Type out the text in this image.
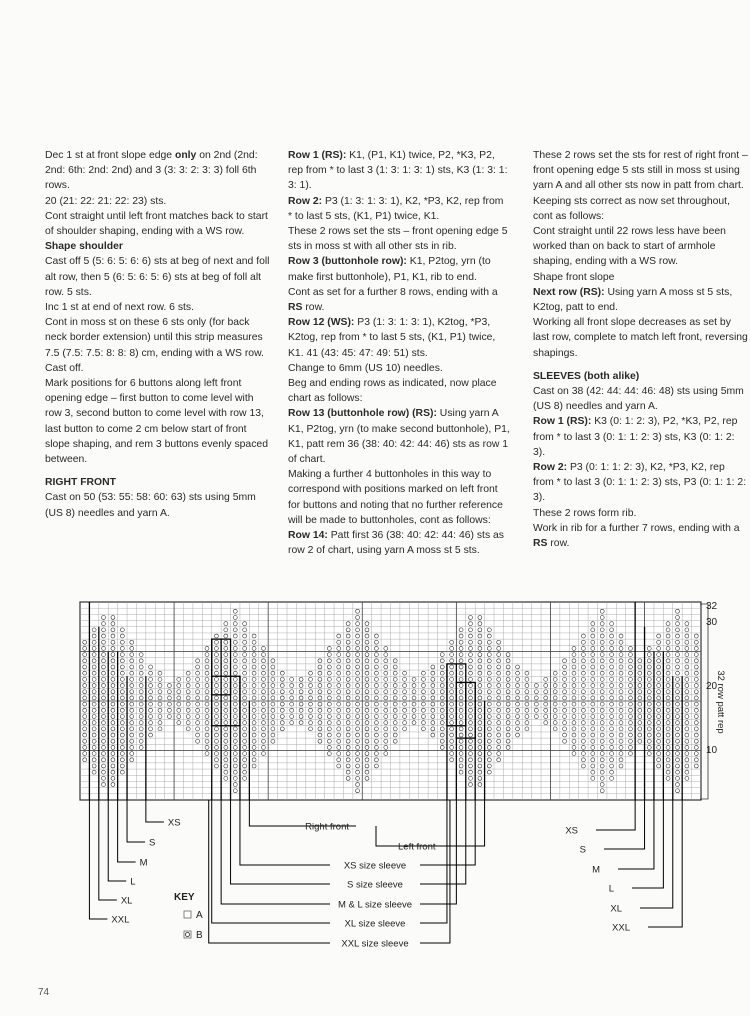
Dec 1 st at front slope edge only on 2nd (2nd: 2nd: 6th: 2nd: 2nd) and 3 (3: 3: 2: 3: 3) foll 6th rows.

20 (21: 22: 21: 22: 23) sts.

Cont straight until left front matches back to start of shoulder shaping, ending with a WS row.

Shape shoulder

Cast off 5 (5: 6: 5: 6: 6) sts at beg of next and foll alt row, then 5 (6: 5: 6: 5: 6) sts at beg of foll alt row. 5 sts.

Inc 1 st at end of next row. 6 sts.

Cont in moss st on these 6 sts only (for back neck border extension) until this strip measures 7.5 (7.5: 7.5: 8: 8: 8) cm, ending with a WS row.

Cast off.

Mark positions for 6 buttons along left front opening edge – first button to come level with row 3, second button to come level with row 13, last button to come 2 cm below start of front slope shaping, and rem 3 buttons evenly spaced between.

RIGHT FRONT

Cast on 50 (53: 55: 58: 60: 63) sts using 5mm (US 8) needles and yarn A.

Row 1 (RS): K1, (P1, K1) twice, P2, *K3, P2, rep from * to last 3 (1: 3: 1: 3: 1) sts, K3 (1: 3: 1: 3: 1).

Row 2: P3 (1: 3: 1: 3: 1), K2, *P3, K2, rep from * to last 5 sts, (K1, P1) twice, K1.

These 2 rows set the sts – front opening edge 5 sts in moss st with all other sts in rib.

Row 3 (buttonhole row): K1, P2tog, yrn (to make first buttonhole), P1, K1, rib to end.

Cont as set for a further 8 rows, ending with a RS row.

Row 12 (WS): P3 (1: 3: 1: 3: 1), K2tog, *P3, K2tog, rep from * to last 5 sts, (K1, P1) twice, K1. 41 (43: 45: 47: 49: 51) sts.

Change to 6mm (US 10) needles.

Beg and ending rows as indicated, now place chart as follows:

Row 13 (buttonhole row) (RS): Using yarn A K1, P2tog, yrn (to make second buttonhole), P1, K1, patt rem 36 (38: 40: 42: 44: 46) sts as row 1 of chart.

Making a further 4 buttonholes in this way to correspond with positions marked on left front for buttons and noting that no further reference will be made to buttonholes, cont as follows:

Row 14: Patt first 36 (38: 40: 42: 44: 46) sts as row 2 of chart, using yarn A moss st 5 sts.

These 2 rows set the sts for rest of right front – front opening edge 5 sts still in moss st using yarn A and all other sts now in patt from chart.

Keeping sts correct as now set throughout, cont as follows:

Cont straight until 22 rows less have been worked than on back to start of armhole shaping, ending with a WS row.

Shape front slope

Next row (RS): Using yarn A moss st 5 sts, K2tog, patt to end.

Working all front slope decreases as set by last row, complete to match left front, reversing shapings.

SLEEVES (both alike)

Cast on 38 (42: 44: 44: 46: 48) sts using 5mm (US 8) needles and yarn A.

Row 1 (RS): K3 (0: 1: 2: 3), P2, *K3, P2, rep from * to last 3 (0: 1: 1: 2: 3) sts, K3 (0: 1: 2: 3).

Row 2: P3 (0: 1: 1: 2: 3), K2, *P3, K2, rep from * to last 3 (0: 1: 1: 2: 3) sts, P3 (0: 1: 1: 2: 3).

These 2 rows form rib.

Work in rib for a further 7 rows, ending with a RS row.

XS
S
M
L
XL
XXL
XS
S
M
L
XL
XXL
Right front
Left front
XS size sleeve
S size sleeve
M & L size sleeve
XL size sleeve
XXL size sleeve
32
30
20
10
32 row patt rep
KEY
A
B
74
